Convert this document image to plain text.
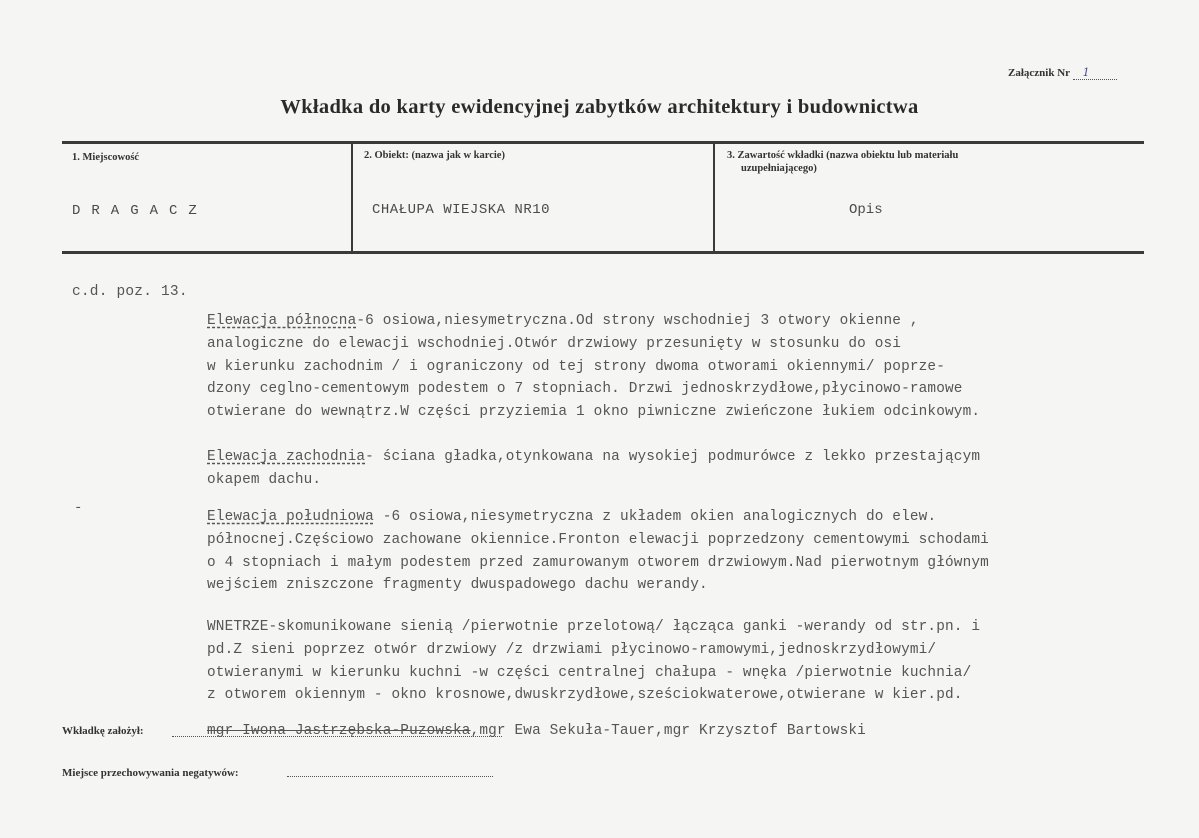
Załącznik Nr 1
Wkładka do karty ewidencyjnej zabytków architektury i budownictwa
1. Miejscowość	2. Obiekt: (nazwa jak w karcie)	3. Zawartość wkładki (nazwa obiektu lub materiału
uzupełniającego)
DRAGACZ	CHAŁUPA WIEJSKA NR10	Opis
c.d. poz. 13.
Elewacja północna-6 osiowa,niesymetryczna.Od strony wschodniej 3 otwory okienne ,
analogiczne do elewacji wschodniej.Otwór drzwiowy przesunięty w stosunku do osi
w kierunku zachodnim / i ograniczony od tej strony dwoma otworami okiennymi/ poprze-
dzony ceglno-cementowym podestem o 7 stopniach. Drzwi jednoskrzydłowe,płycinowo-ramowe
otwierane do wewnątrz.W części przyziemia 1 okno piwniczne zwieńczone łukiem odcinkowym.
Elewacja zachodnia- ściana gładka,otynkowana na wysokiej podmurówce z lekko przestającym
okapem dachu.
-
Elewacja południowa -6 osiowa,niesymetryczna z układem okien analogicznych do elew.
północnej.Częściowo zachowane okiennice.Fronton elewacji poprzedzony cementowymi schodami
o 4 stopniach i małym podestem przed zamurowanym otworem drzwiowym.Nad pierwotnym głównym
wejściem zniszczone fragmenty dwuspadowego dachu werandy.
WNETRZE-skomunikowane sienią /pierwotnie przelotową/ łącząca ganki -werandy od str.pn. i
pd.Z sieni poprzez otwór drzwiowy /z drzwiami płycinowo-ramowymi,jednoskrzydłowymi/
otwieranymi w kierunku kuchni -w części centralnej chałupa - wnęka /pierwotnie kuchnia/
z otworem okiennym - okno krosnowe,dwuskrzydłowe,sześciokwaterowe,otwierane w kier.pd.
Wkładkę założył:	mgr Iwona Jastrzębska-Puzowska,mgr Ewa Sekuła-Tauer,mgr Krzysztof Bartowski
Miejsce przechowywania negatywów:
